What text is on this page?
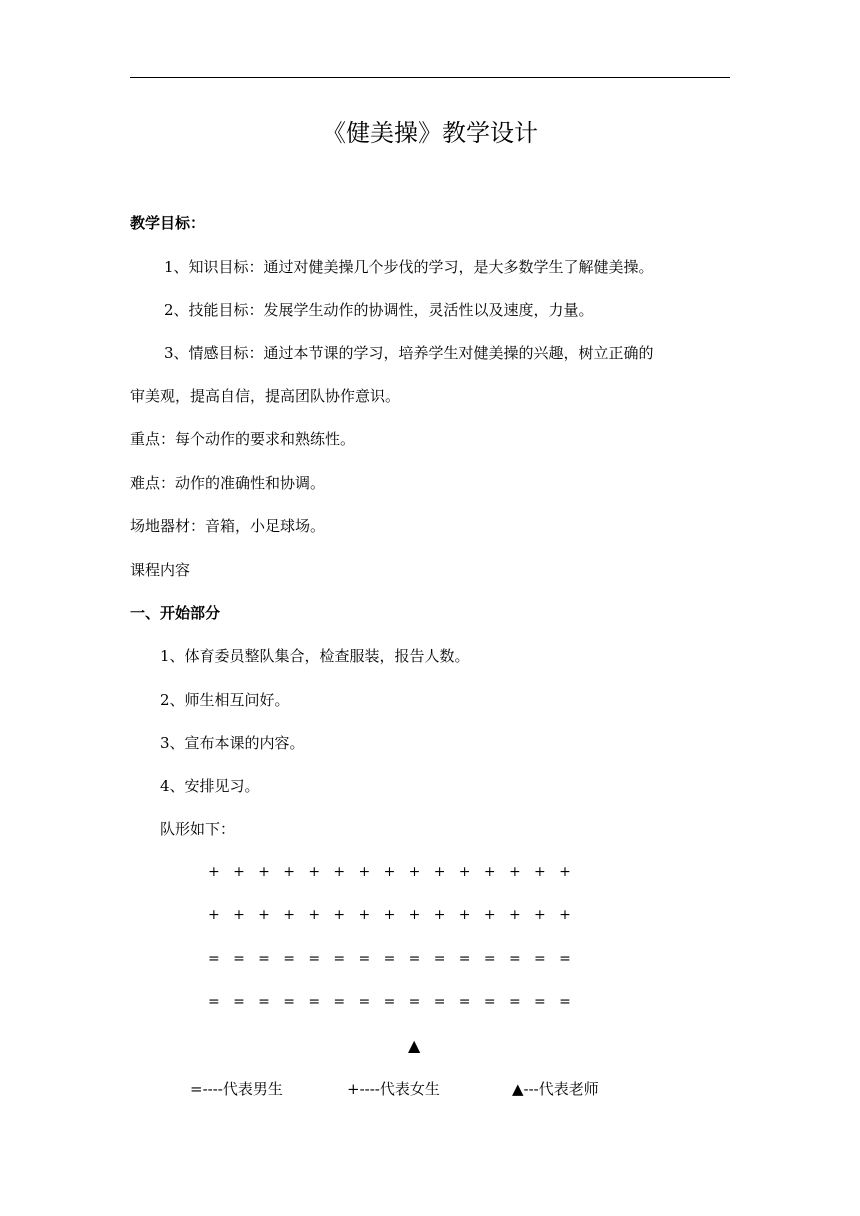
《健美操》教学设计
教学目标：
1、知识目标：通过对健美操几个步伐的学习，是大多数学生了解健美操。
2、技能目标：发展学生动作的协调性，灵活性以及速度，力量。
3、情感目标：通过本节课的学习，培养学生对健美操的兴趣，树立正确的
审美观，提高自信，提高团队协作意识。
重点：每个动作的要求和熟练性。
难点：动作的准确性和协调。
场地器材：音箱，小足球场。
课程内容
一、开始部分
1、体育委员整队集合，检查服装，报告人数。
2、师生相互问好。
3、宣布本课的内容。
4、安排见习。
队形如下：
+   +   +   +   +   +   +   +   +   +   +   +   +   +   +
+   +   +   +   +   +   +   +   +   +   +   +   +   +   +
=   =   =   =   =   =   =   =   =   =   =   =   =   =   =
=   =   =   =   =   =   =   =   =   =   =   =   =   =   =
▲
=----代表男生	+----代表女生	▲---代表老师
